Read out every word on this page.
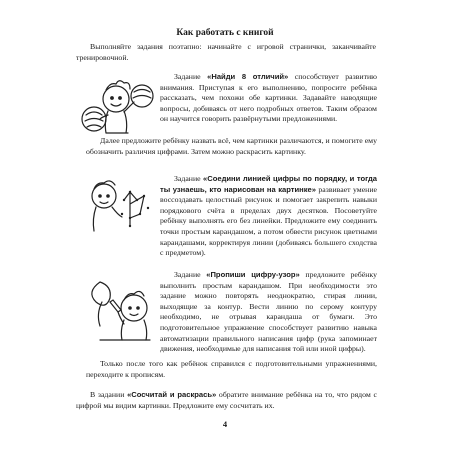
Как работать с книгой

Выполняйте задания поэтапно: начинайте с игровой странички, заканчивайте тренировочной.

Задание «Найди 8 отличий» способствует развитию внимания. Приступая к его выполнению, попросите ребёнка рассказать, чем похожи обе картинки. Задавайте наводящие вопросы, добиваясь от него подробных ответов. Таким образом он научится говорить развёрнутыми предложениями.

Далее предложите ребёнку назвать всё, чем картинки различаются, и помогите ему обозначить различия цифрами. Затем можно раскрасить картинку.

Задание «Соедини линией цифры по порядку, и тогда ты узнаешь, кто нарисован на картинке» развивает умение воссоздавать целостный рисунок и помогает закрепить навыки порядкового счёта в пределах двух десятков. Посоветуйте ребёнку выполнять его без линейки. Предложите ему соединить точки простым карандашом, а потом обвести рисунок цветными карандашами, корректируя линии (добиваясь большего сходства с предметом).

Задание «Пропиши цифру-узор» предложите ребёнку выполнить простым карандашом. При необходимости это задание можно повторять неоднократно, стирая линии, выходящие за контур. Вести линию по серому контуру необходимо, не отрывая карандаша от бумаги. Это подготовительное упражнение способствует развитию навыка автоматизации правильного написания цифр (рука запоминает движения, необходимые для написания той или иной цифры).

Только после того как ребёнок справился с подготовительными упражнениями, переходите к прописям.

В задании «Сосчитай и раскрась» обратите внимание ребёнка на то, что рядом с цифрой мы видим картинки. Предложите ему сосчитать их.

4
